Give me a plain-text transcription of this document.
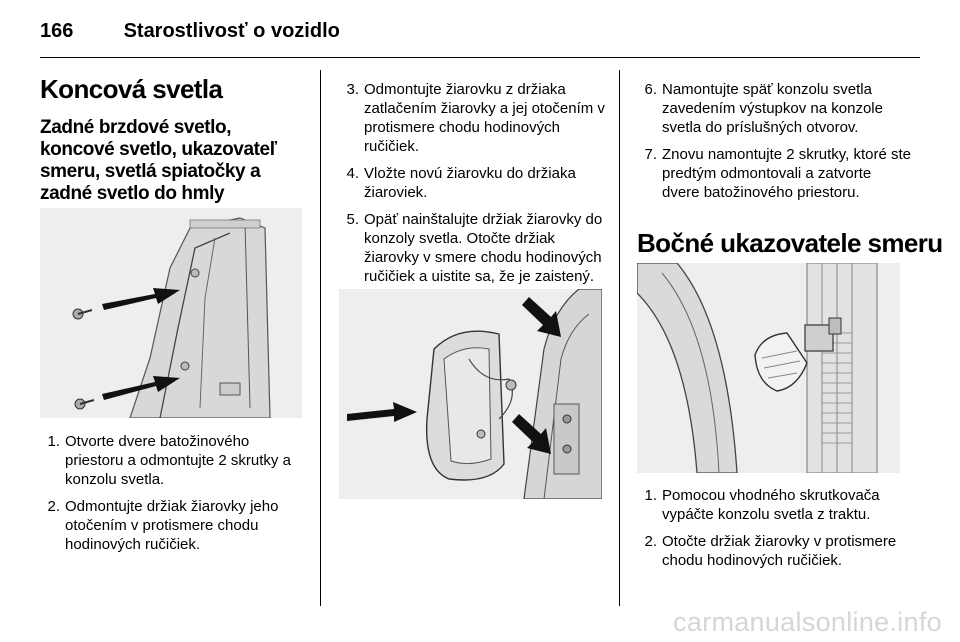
166	Starostlivosť o vozidlo
Koncová svetla
Zadné brzdové svetlo, koncové svetlo, ukazovateľ smeru, svetlá spiatočky a zadné svetlo do hmly
1. Otvorte dvere batožinového priestoru a odmontujte 2 skrutky a konzolu svetla.
2. Odmontujte držiak žiarovky jeho otočením v protismere chodu hodinových ručičiek.
3. Odmontujte žiarovku z držiaka zatlačením žiarovky a jej otočením v protismere chodu hodinových ručičiek.
4. Vložte novú žiarovku do držiaka žiaroviek.
5. Opäť nainštalujte držiak žiarovky do konzoly svetla. Otočte držiak žiarovky v smere chodu hodinových ručičiek a uistite sa, že je zaistený.
6. Namontujte späť konzolu svetla zavedením výstupkov na konzole svetla do príslušných otvorov.
7. Znovu namontujte 2 skrutky, ktoré ste predtým odmontovali a zatvorte dvere batožinového priestoru.
Bočné ukazovatele smeru
1. Pomocou vhodného skrutkovača vypáčte konzolu svetla z traktu.
2. Otočte držiak žiarovky v protismere chodu hodinových ručičiek.
carmanualsonline.info
